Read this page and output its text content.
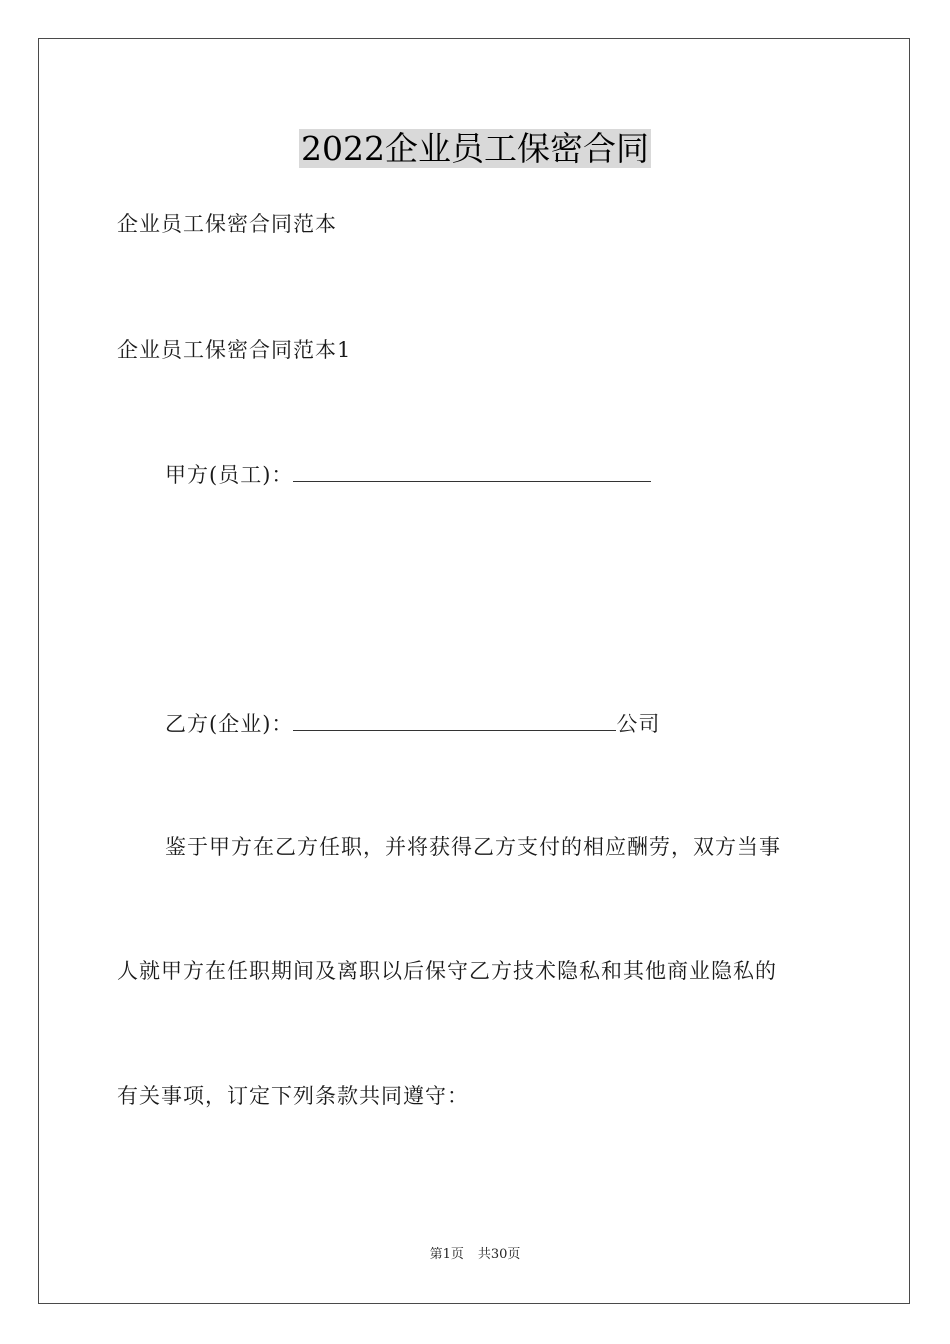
2022企业员工保密合同
企业员工保密合同范本
企业员工保密合同范本1
甲方(员工)：
乙方(企业)：	公司
鉴于甲方在乙方任职，并将获得乙方支付的相应酬劳，双方当事
人就甲方在任职期间及离职以后保守乙方技术隐私和其他商业隐私的
有关事项，订定下列条款共同遵守：
第1页 共30页
